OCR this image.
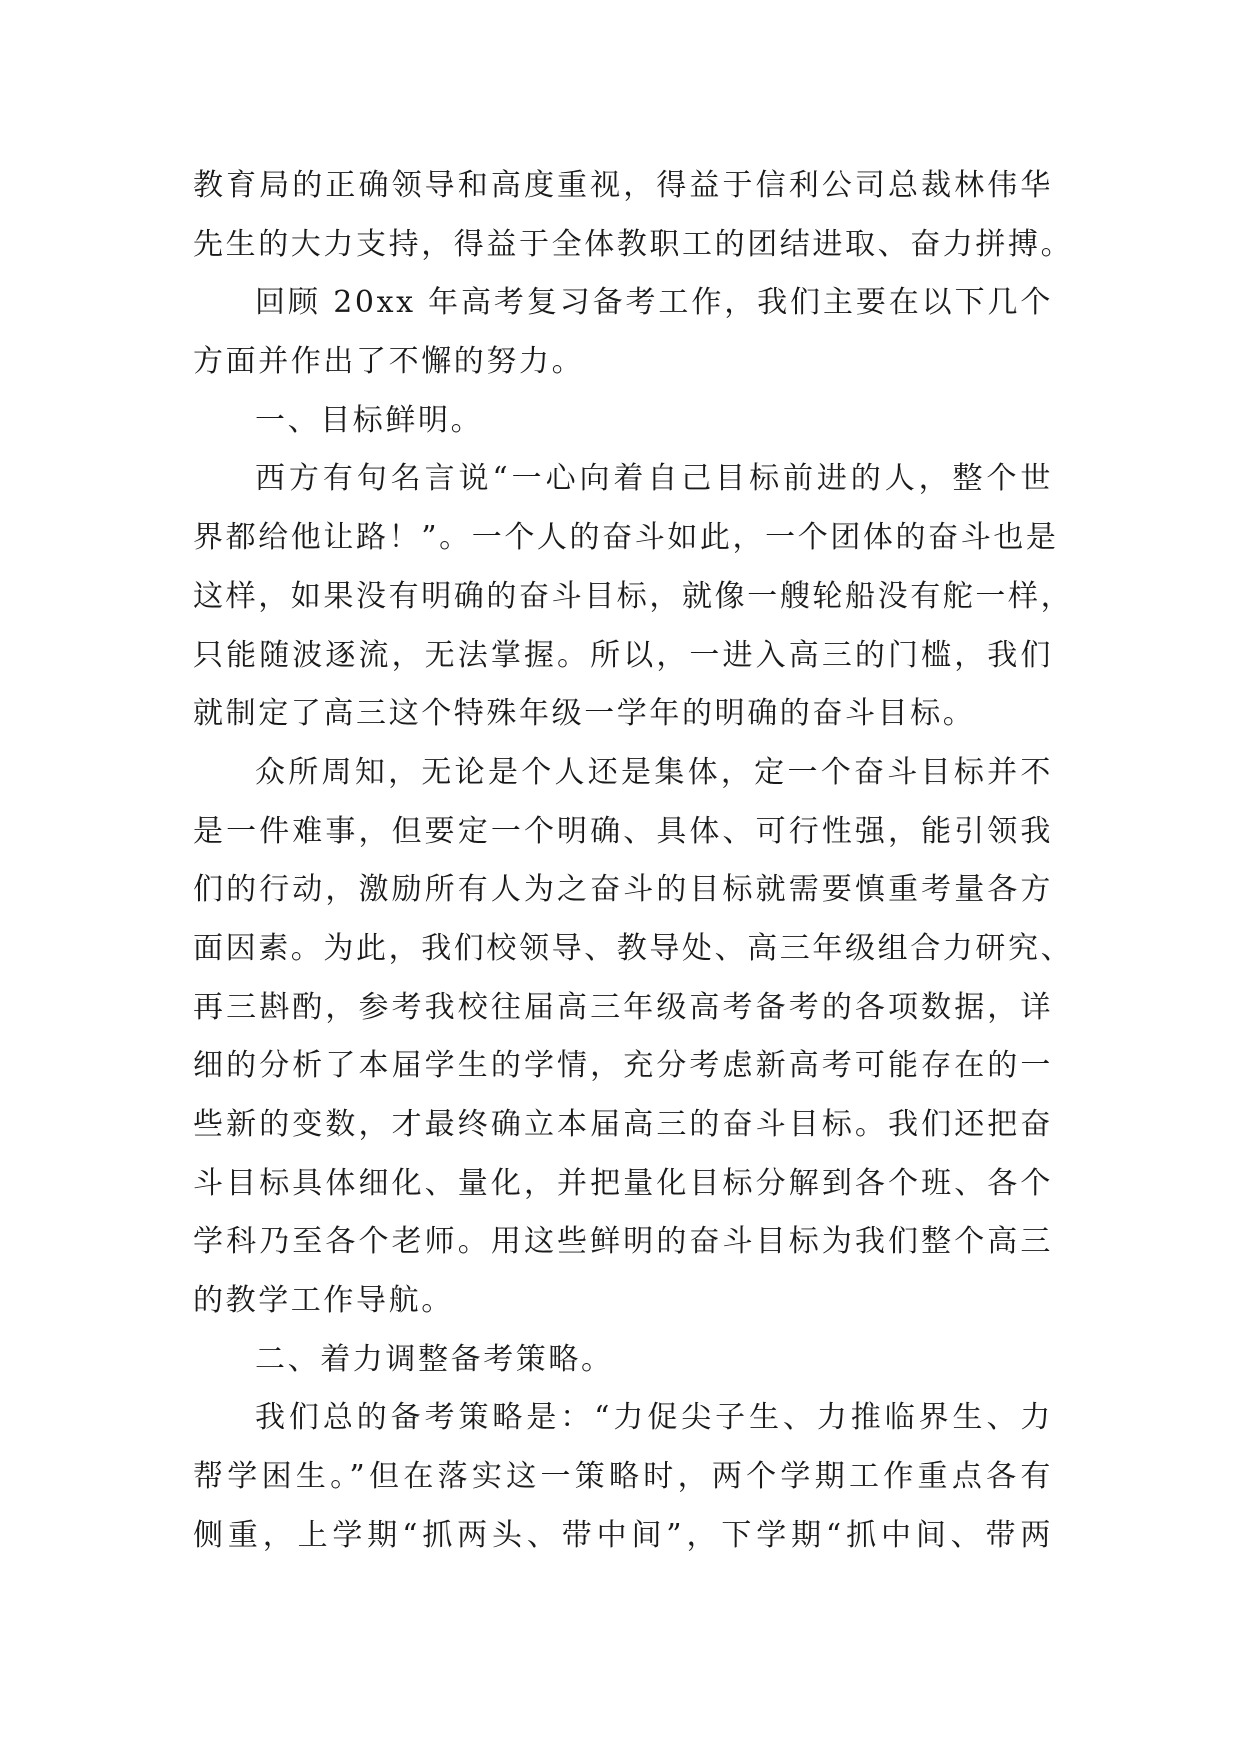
教育局的正确领导和高度重视，得益于信利公司总裁林伟华
先生的大力支持，得益于全体教职工的团结进取、奋力拼搏。
回顾 20xx 年高考复习备考工作，我们主要在以下几个
方面并作出了不懈的努力。
一、目标鲜明。
西方有句名言说“一心向着自己目标前进的人，整个世
界都给他让路！”。一个人的奋斗如此，一个团体的奋斗也是
这样，如果没有明确的奋斗目标，就像一艘轮船没有舵一样，
只能随波逐流，无法掌握。所以，一进入高三的门槛，我们
就制定了高三这个特殊年级一学年的明确的奋斗目标。
众所周知，无论是个人还是集体，定一个奋斗目标并不
是一件难事，但要定一个明确、具体、可行性强，能引领我
们的行动，激励所有人为之奋斗的目标就需要慎重考量各方
面因素。为此，我们校领导、教导处、高三年级组合力研究、
再三斟酌，参考我校往届高三年级高考备考的各项数据，详
细的分析了本届学生的学情，充分考虑新高考可能存在的一
些新的变数，才最终确立本届高三的奋斗目标。我们还把奋
斗目标具体细化、量化，并把量化目标分解到各个班、各个
学科乃至各个老师。用这些鲜明的奋斗目标为我们整个高三
的教学工作导航。
二、着力调整备考策略。
我们总的备考策略是：“力促尖子生、力推临界生、力
帮学困生。”但在落实这一策略时，两个学期工作重点各有
侧重，上学期“抓两头、带中间”，下学期“抓中间、带两
